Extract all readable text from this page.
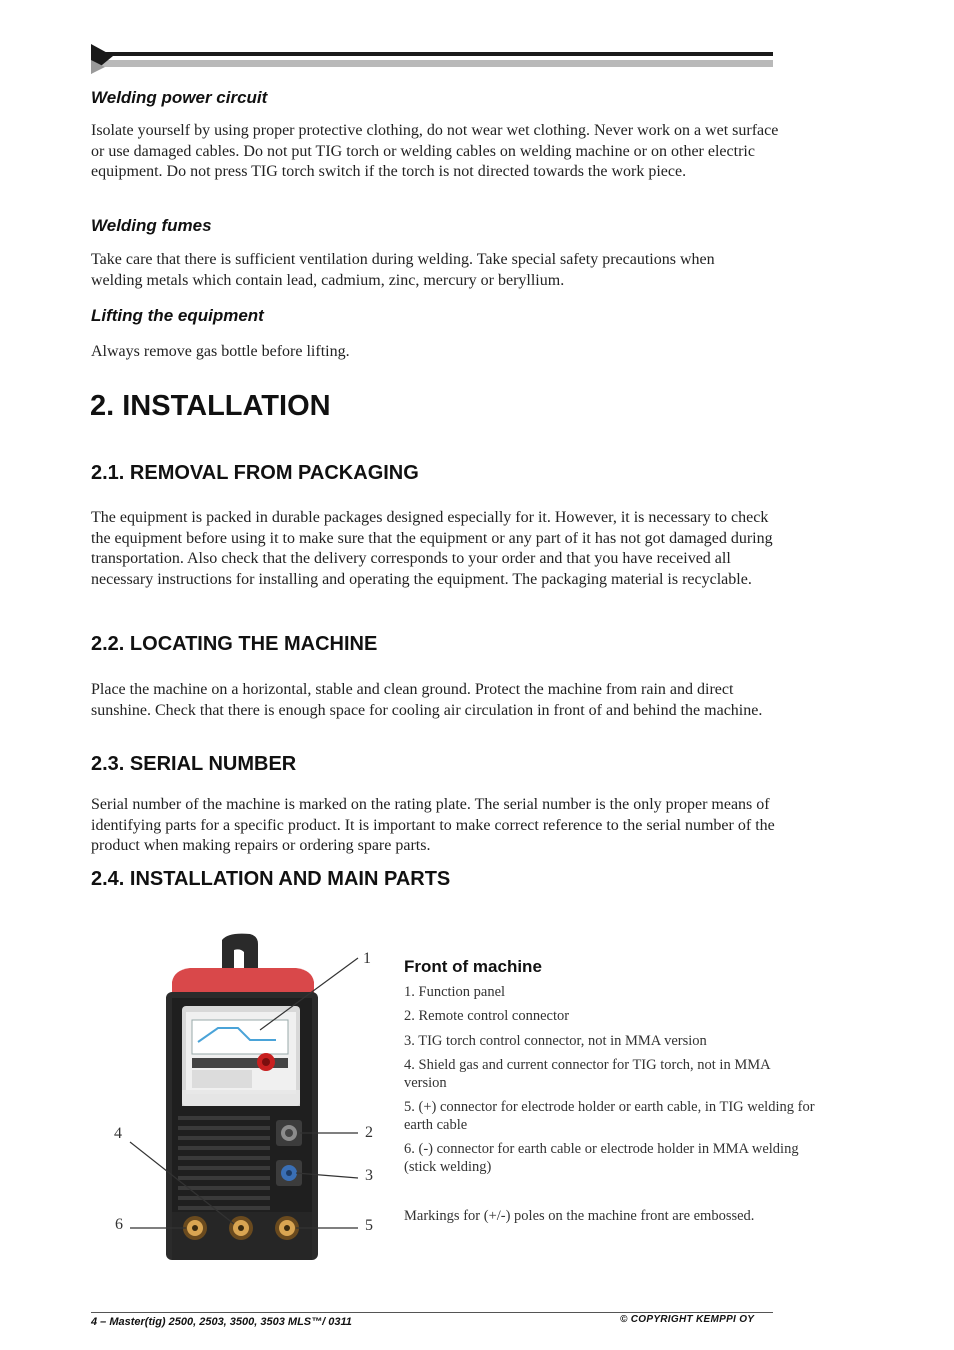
Welding power circuit
Isolate yourself by using proper protective clothing, do not wear wet clothing. Never work on a wet surface or use damaged cables. Do not put TIG torch or welding cables on welding machine or on other electric equipment. Do not press TIG torch switch if the torch is not directed towards the work piece.
Welding fumes
Take care that there is sufficient ventilation during welding. Take special safety precautions when welding metals which contain lead, cadmium, zinc, mercury or beryllium.
Lifting the equipment
Always remove gas bottle before lifting.
2. INSTALLATION
2.1. REMOVAL FROM PACKAGING
The equipment is packed in durable packages designed especially for it. However, it is necessary to check the equipment before using it to make sure that the equipment or any part of it has not got damaged during transportation. Also check that the delivery corresponds to your order and that you have received all necessary instructions for installing and operating the equipment. The packaging material is recyclable.
2.2. LOCATING THE MACHINE
Place the machine on a horizontal, stable and clean ground. Protect the machine from rain and direct sunshine. Check that there is enough space for cooling air circulation in front of and behind the machine.
2.3. SERIAL NUMBER
Serial number of the machine is marked on the rating plate. The serial number is the only proper means of identifying parts for a specific product. It is important to make correct reference to the serial number of the product when making repairs or ordering spare parts.
2.4. INSTALLATION AND MAIN PARTS
1
2
3
4
5
6
Front of machine
1. Function panel
2. Remote control connector
3. TIG torch control connector, not in MMA version
4. Shield gas and current connector for TIG torch, not in MMA version
5. (+) connector for electrode holder or earth cable, in TIG welding for earth cable
6. (-) connector for earth cable or electrode holder in MMA welding (stick welding)
Markings for (+/-) poles on the machine front are embossed.
4 – Master(tig) 2500, 2503, 3500, 3503 MLS™/ 0311	© COPYRIGHT KEMPPI OY
